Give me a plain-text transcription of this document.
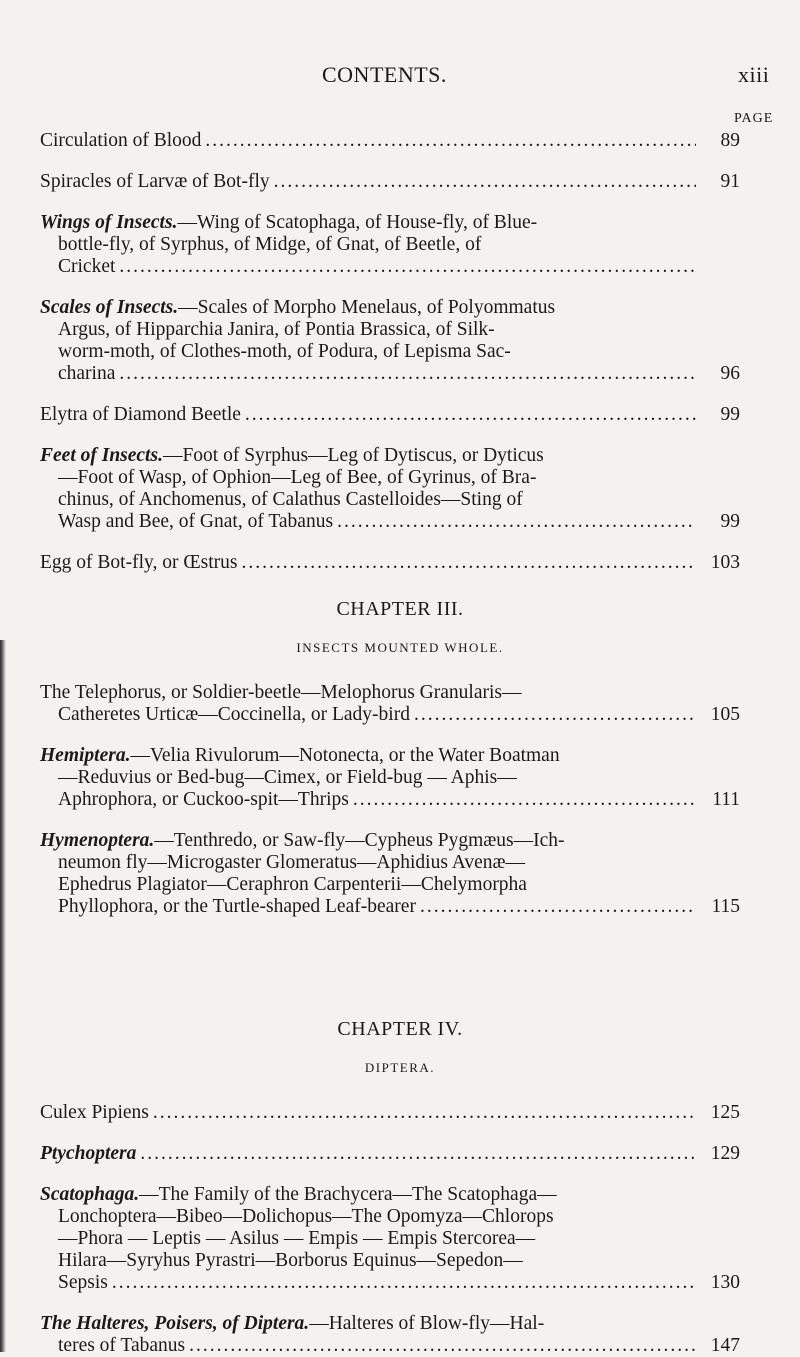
CONTENTS.	xiii
PAGE
Circulation of Blood .....	89
Spiracles of Larvæ of Bot-fly .....	91
Wings of Insects. —Wing of Scatophaga, of House-fly, of Blue-
bottle-fly, of Syrphus, of Midge, of Gnat, of Beetle, of
Cricket
.....
Scales of Insects. —Scales of Morpho Menelaus, of Polyommatus
Argus, of Hipparchia Janira, of Pontia Brassica, of Silk-
worm-moth, of Clothes-moth, of Podura, of Lepisma Sac-
charina .....	96
Elytra of Diamond Beetle .....	99
Feet of Insects. —Foot of Syrphus—Leg of Dytiscus, or Dyticus
—Foot of Wasp, of Ophion—Leg of Bee, of Gyrinus, of Bra-
chinus, of Anchomenus, of Calathus Castelloides—Sting of
Wasp and Bee, of Gnat, of Tabanus .....	99
Egg of Bot-fly, or Œstrus .....	103
CHAPTER III.
INSECTS MOUNTED WHOLE.
The Telephorus, or Soldier-beetle—Melophorus Granularis—
Catheretes Urticæ—Coccinella, or Lady-bird .....	105
Hemiptera. —Velia Rivulorum—Notonecta, or the Water Boatman
—Reduvius or Bed-bug—Cimex, or Field-bug — Aphis—
Aphrophora, or Cuckoo-spit—Thrips .....	111
Hymenoptera. —Tenthredo, or Saw-fly—Cypheus Pygmæus—Ich-
neumon fly—Microgaster Glomeratus—Aphidius Avenæ—
Ephedrus Plagiator—Ceraphron Carpenterii—Chelymorpha
Phyllophora, or the Turtle-shaped Leaf-bearer .....	115
CHAPTER IV.
DIPTERA.
Culex Pipiens .....	125
Ptychoptera .....	129
Scatophaga. —The Family of the Brachycera—The Scatophaga—
Lonchoptera—Bibeo—Dolichopus—The Opomyza—Chlorops
—Phora — Leptis — Asilus — Empis — Empis Stercorea—
Hilara—Syryhus Pyrastri—Borborus Equinus—Sepedon—
Sepsis .....	130
The Halteres, Poisers, of Diptera. —Halteres of Blow-fly—Hal-
teres of Tabanus .....	147
